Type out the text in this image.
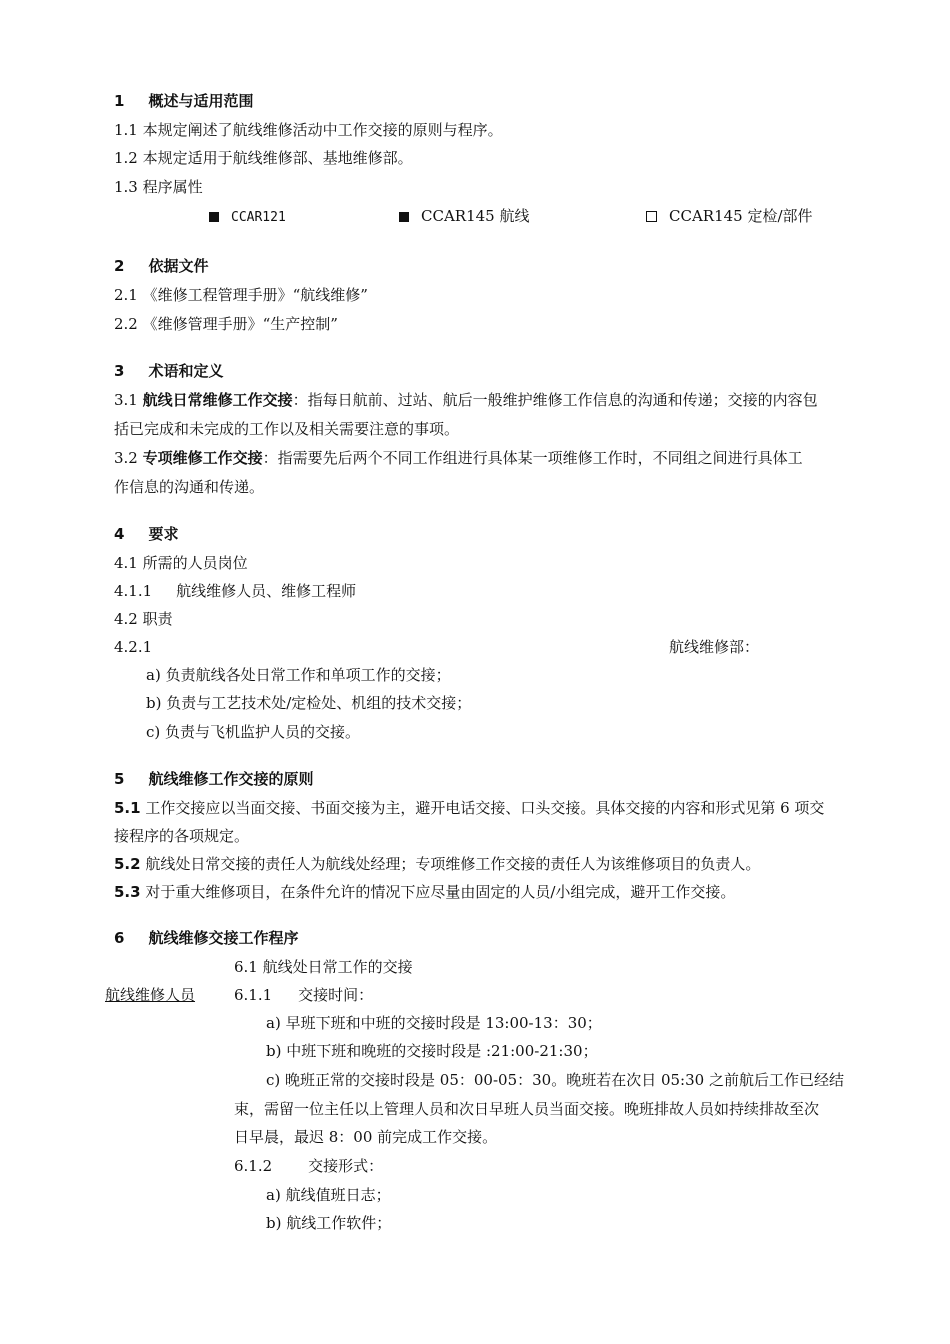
1 概述与适用范围
1.1 本规定阐述了航线维修活动中工作交接的原则与程序。
1.2 本规定适用于航线维修部、基地维修部。
1.3 程序属性
CCAR121	CCAR145 航线	CCAR145 定检/部件
2 依据文件
2.1 《维修工程管理手册》“航线维修”
2.2 《维修管理手册》“生产控制”
3 术语和定义
3.1 航线日常维修工作交接：指每日航前、过站、航后一般维护维修工作信息的沟通和传递；交接的内容包
括已完成和未完成的工作以及相关需要注意的事项。
3.2 专项维修工作交接：指需要先后两个不同工作组进行具体某一项维修工作时，不同组之间进行具体工
作信息的沟通和传递。
4 要求
4.1 所需的人员岗位
4.1.1 航线维修人员、维修工程师
4.2 职责
4.2.1	航线维修部：
a) 负责航线各处日常工作和单项工作的交接；
b) 负责与工艺技术处/定检处、机组的技术交接；
c) 负责与飞机监护人员的交接。
5 航线维修工作交接的原则
5.1 工作交接应以当面交接、书面交接为主，避开电话交接、口头交接。具体交接的内容和形式见第 6 项交
接程序的各项规定。
5.2 航线处日常交接的责任人为航线处经理；专项维修工作交接的责任人为该维修项目的负责人。
5.3 对于重大维修项目，在条件允许的情况下应尽量由固定的人员/小组完成，避开工作交接。
6 航线维修交接工作程序
6.1 航线处日常工作的交接
航线维修人员	6.1.1 交接时间：
a) 早班下班和中班的交接时段是 13:00-13：30；
b) 中班下班和晚班的交接时段是 :21:00-21:30；
c) 晚班正常的交接时段是 05：00-05：30。晚班若在次日 05:30 之前航后工作已经结
束，需留一位主任以上管理人员和次日早班人员当面交接。晚班排故人员如持续排故至次
日早晨，最迟 8：00 前完成工作交接。
6.1.2 交接形式：
a) 航线值班日志；
b) 航线工作软件；
